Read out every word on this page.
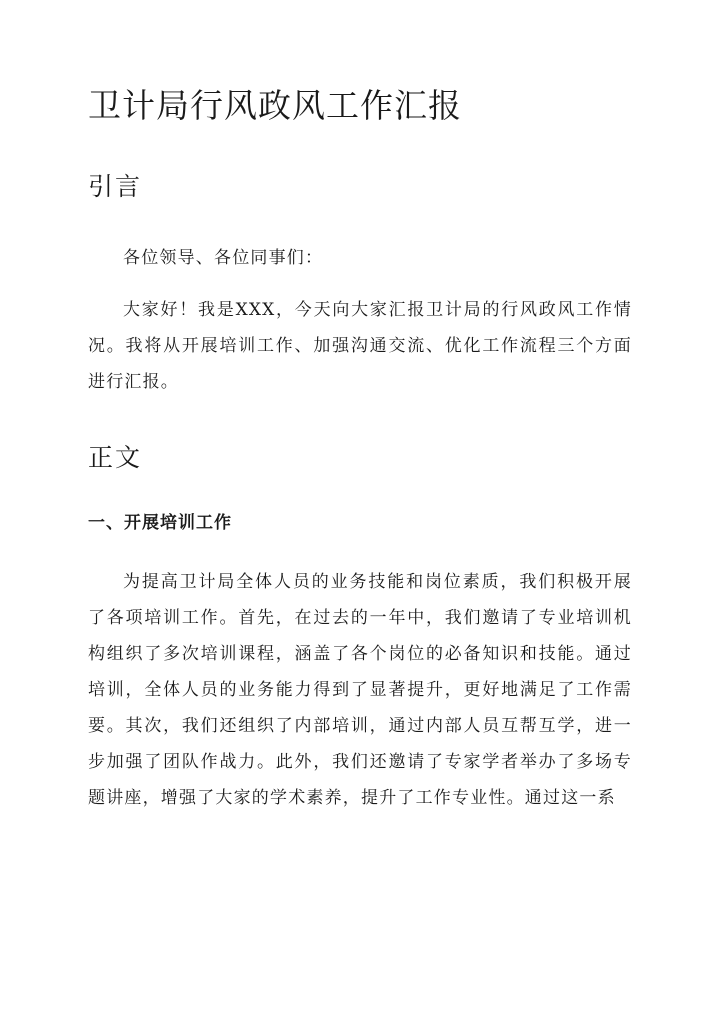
卫计局行风政风工作汇报
引言

各位领导、各位同事们：

大家好！我是XXX，今天向大家汇报卫计局的行风政风工作情况。我将从开展培训工作、加强沟通交流、优化工作流程三个方面进行汇报。

正文
一、开展培训工作

为提高卫计局全体人员的业务技能和岗位素质，我们积极开展了各项培训工作。首先，在过去的一年中，我们邀请了专业培训机构组织了多次培训课程，涵盖了各个岗位的必备知识和技能。通过培训，全体人员的业务能力得到了显著提升，更好地满足了工作需要。其次，我们还组织了内部培训，通过内部人员互帮互学，进一步加强了团队作战力。此外，我们还邀请了专家学者举办了多场专题讲座，增强了大家的学术素养，提升了工作专业性。通过这一系
